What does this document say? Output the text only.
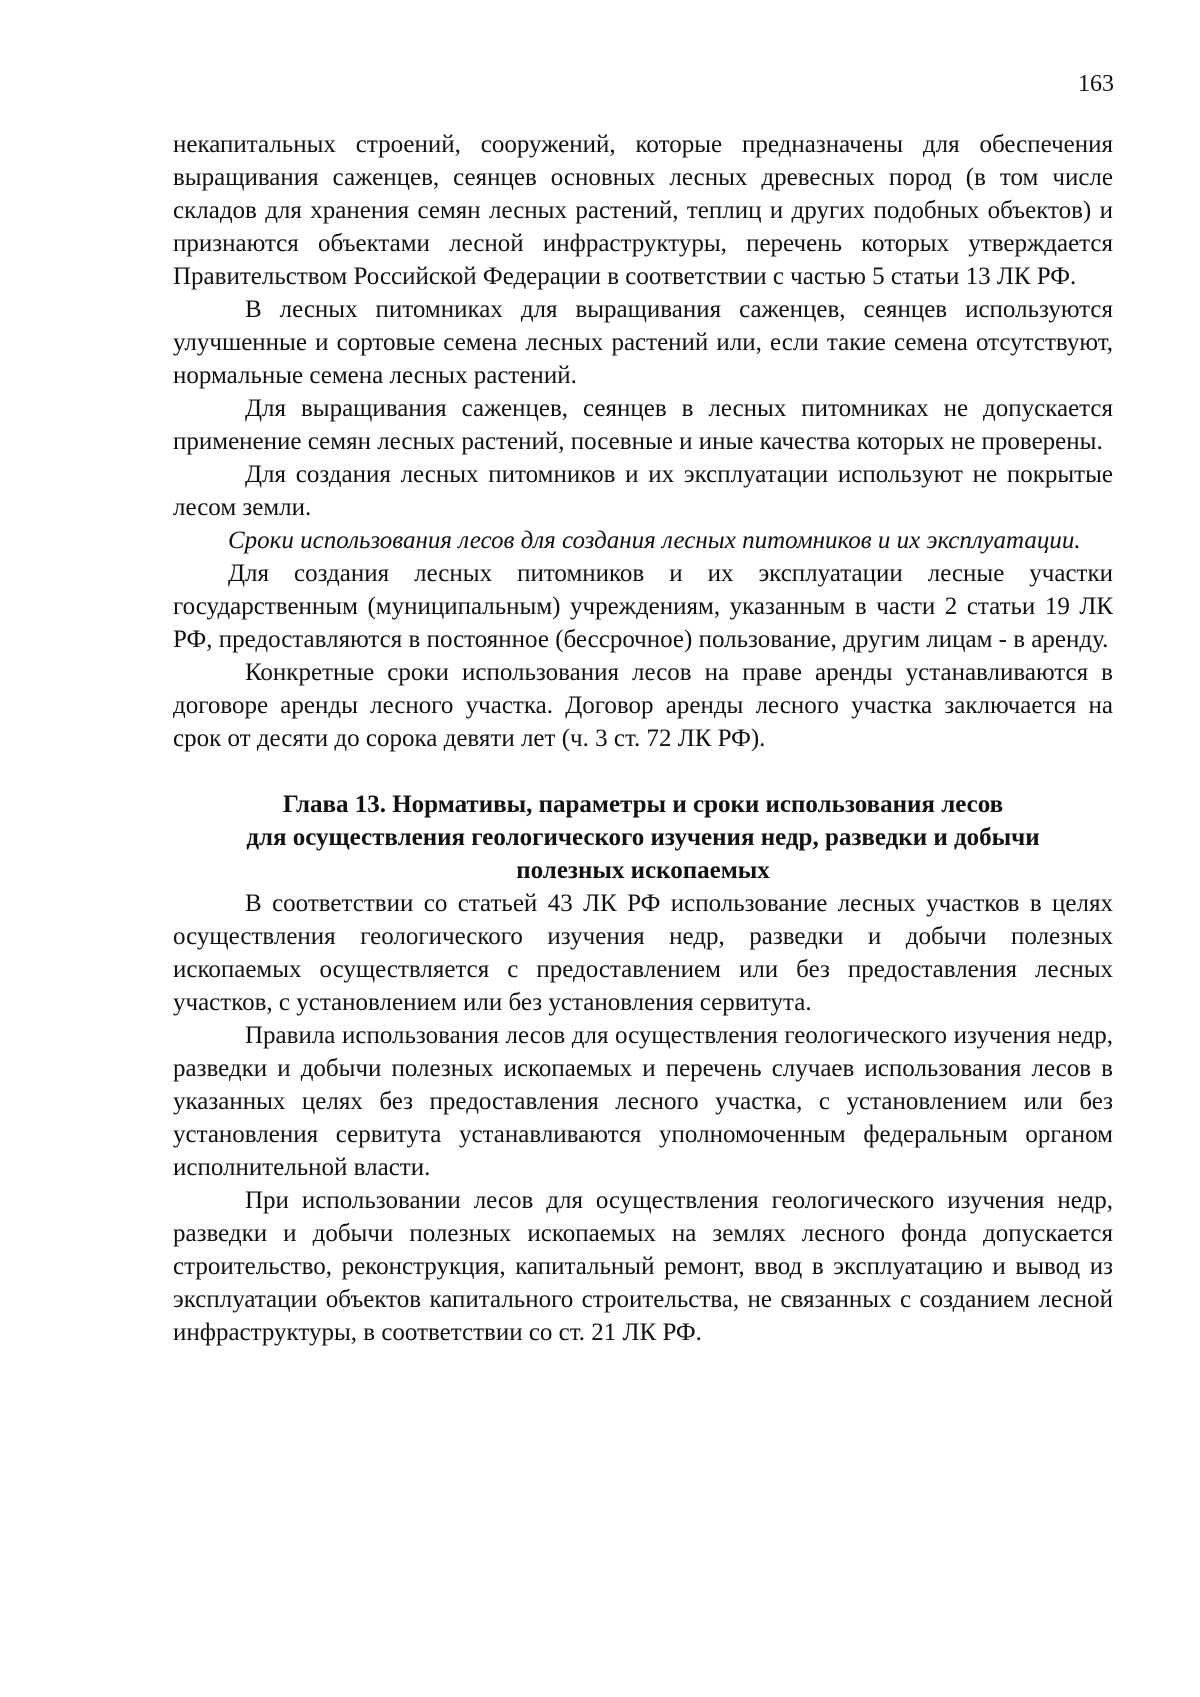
163

некапитальных строений, сооружений, которые предназначены для обеспечения выращивания саженцев, сеянцев основных лесных древесных пород (в том числе складов для хранения семян лесных растений, теплиц и других подобных объектов) и признаются объектами лесной инфраструктуры, перечень которых утверждается Правительством Российской Федерации в соответствии с частью 5 статьи 13 ЛК РФ.

В лесных питомниках для выращивания саженцев, сеянцев используются улучшенные и сортовые семена лесных растений или, если такие семена отсутствуют, нормальные семена лесных растений.

Для выращивания саженцев, сеянцев в лесных питомниках не допускается применение семян лесных растений, посевные и иные качества которых не проверены.

Для создания лесных питомников и их эксплуатации используют не покрытые лесом земли.

Сроки использования лесов для создания лесных питомников и их эксплуатации.

Для создания лесных питомников и их эксплуатации лесные участки государственным (муниципальным) учреждениям, указанным в части 2 статьи 19 ЛК РФ, предоставляются в постоянное (бессрочное) пользование, другим лицам - в аренду.

Конкретные сроки использования лесов на праве аренды устанавливаются в договоре аренды лесного участка. Договор аренды лесного участка заключается на срок от десяти до сорока девяти лет (ч. 3 ст. 72 ЛК РФ).

Глава 13. Нормативы, параметры и сроки использования лесов
для осуществления геологического изучения недр, разведки и добычи
полезных ископаемых

В соответствии со статьей 43 ЛК РФ использование лесных участков в целях осуществления геологического изучения недр, разведки и добычи полезных ископаемых осуществляется с предоставлением или без предоставления лесных участков, с установлением или без установления сервитута.

Правила использования лесов для осуществления геологического изучения недр, разведки и добычи полезных ископаемых и перечень случаев использования лесов в указанных целях без предоставления лесного участка, с установлением или без установления сервитута устанавливаются уполномоченным федеральным органом исполнительной власти.

При использовании лесов для осуществления геологического изучения недр, разведки и добычи полезных ископаемых на землях лесного фонда допускается строительство, реконструкция, капитальный ремонт, ввод в эксплуатацию и вывод из эксплуатации объектов капитального строительства, не связанных с созданием лесной инфраструктуры, в соответствии со ст. 21 ЛК РФ.
